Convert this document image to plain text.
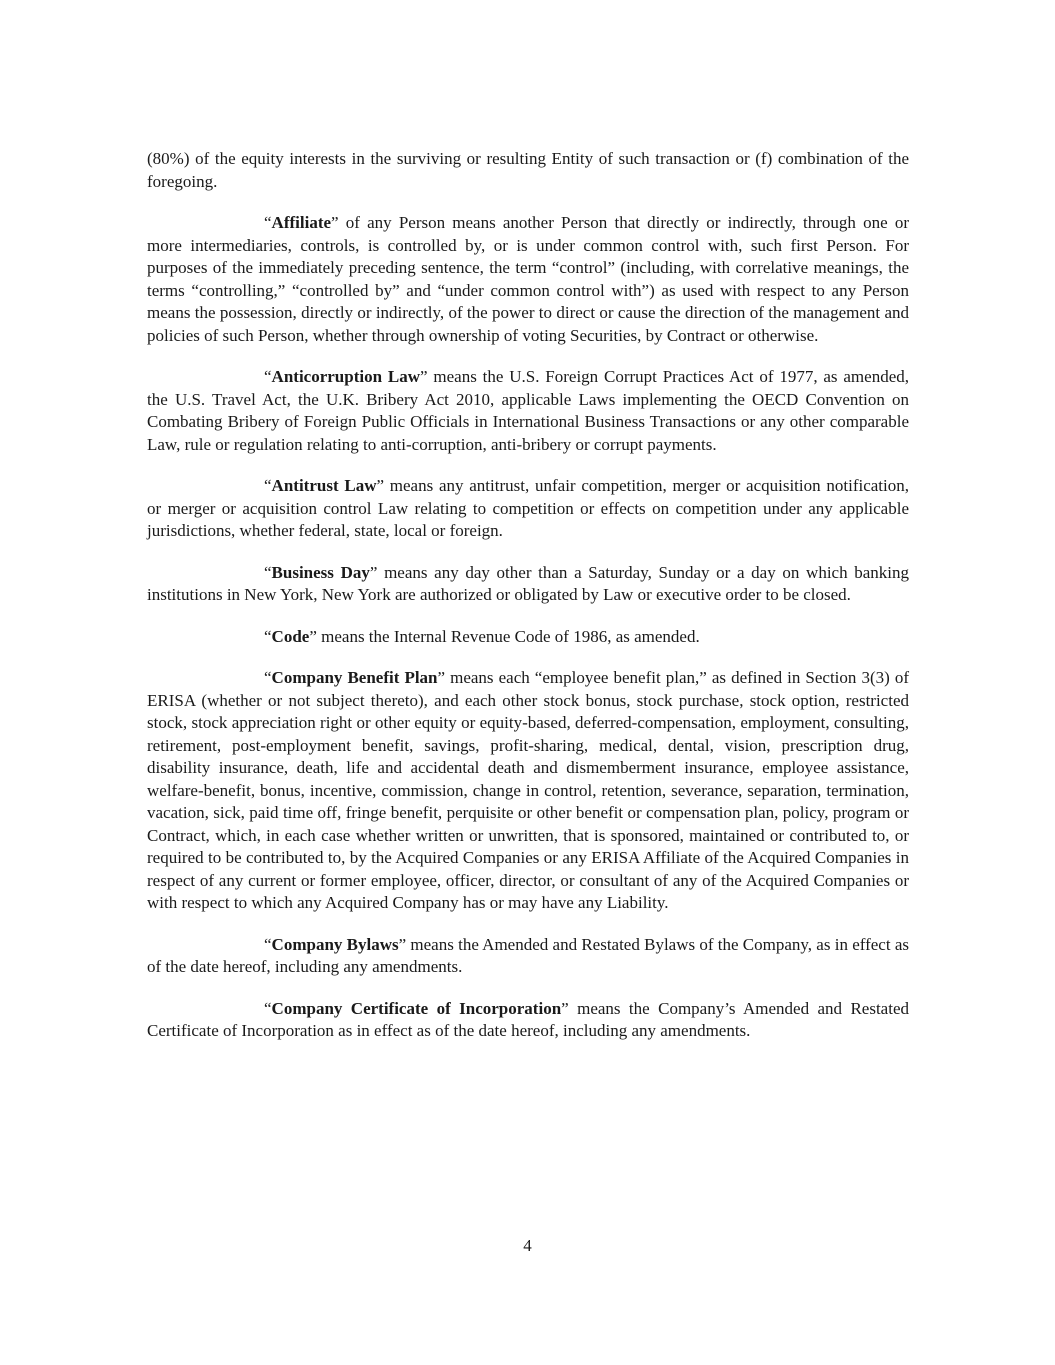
(80%) of the equity interests in the surviving or resulting Entity of such transaction or (f) combination of the foregoing.

“Affiliate” of any Person means another Person that directly or indirectly, through one or more intermediaries, controls, is controlled by, or is under common control with, such first Person. For purposes of the immediately preceding sentence, the term “control” (including, with correlative meanings, the terms “controlling,” “controlled by” and “under common control with”) as used with respect to any Person means the possession, directly or indirectly, of the power to direct or cause the direction of the management and policies of such Person, whether through ownership of voting Securities, by Contract or otherwise.

“Anticorruption Law” means the U.S. Foreign Corrupt Practices Act of 1977, as amended, the U.S. Travel Act, the U.K. Bribery Act 2010, applicable Laws implementing the OECD Convention on Combating Bribery of Foreign Public Officials in International Business Transactions or any other comparable Law, rule or regulation relating to anti-corruption, anti-bribery or corrupt payments.

“Antitrust Law” means any antitrust, unfair competition, merger or acquisition notification, or merger or acquisition control Law relating to competition or effects on competition under any applicable jurisdictions, whether federal, state, local or foreign.

“Business Day” means any day other than a Saturday, Sunday or a day on which banking institutions in New York, New York are authorized or obligated by Law or executive order to be closed.

“Code” means the Internal Revenue Code of 1986, as amended.

“Company Benefit Plan” means each “employee benefit plan,” as defined in Section 3(3) of ERISA (whether or not subject thereto), and each other stock bonus, stock purchase, stock option, restricted stock, stock appreciation right or other equity or equity-based, deferred-compensation, employment, consulting, retirement, post-employment benefit, savings, profit-sharing, medical, dental, vision, prescription drug, disability insurance, death, life and accidental death and dismemberment insurance, employee assistance, welfare-benefit, bonus, incentive, commission, change in control, retention, severance, separation, termination, vacation, sick, paid time off, fringe benefit, perquisite or other benefit or compensation plan, policy, program or Contract, which, in each case whether written or unwritten, that is sponsored, maintained or contributed to, or required to be contributed to, by the Acquired Companies or any ERISA Affiliate of the Acquired Companies in respect of any current or former employee, officer, director, or consultant of any of the Acquired Companies or with respect to which any Acquired Company has or may have any Liability.

“Company Bylaws” means the Amended and Restated Bylaws of the Company, as in effect as of the date hereof, including any amendments.

“Company Certificate of Incorporation” means the Company’s Amended and Restated Certificate of Incorporation as in effect as of the date hereof, including any amendments.

4
